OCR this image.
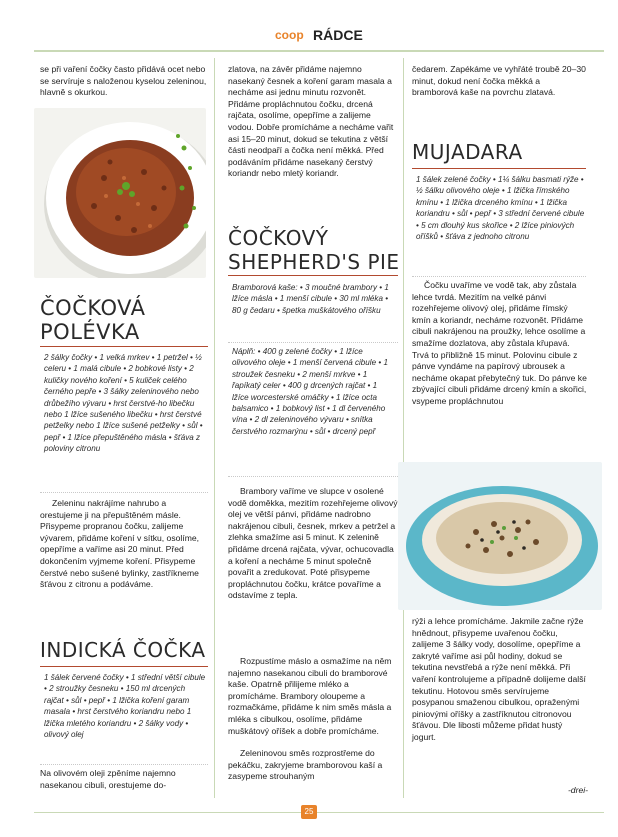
coop RÁDCE

se při vaření čočky často přidává ocet nebo se servíruje s naloženou kyselou zeleninou, hlavně s okurkou.

ČOČKOVÁ
POLÉVKA

2 šálky čočky • 1 velká mrkev • 1 petržel • ½ celeru • 1 malá cibule • 2 bobkové listy • 2 kuličky nového koření • 5 kuliček celého černého pepře • 3 šálky zeleninového nebo drůbežího vývaru • hrst čerstvé-ho libečku nebo 1 lžíce sušeného libečku • hrst čerstvé petželky nebo 1 lžíce sušené petželky • sůl • pepř • 1 lžíce přepuštěného másla • šťáva z poloviny citronu

Zeleninu nakrájíme nahrubo a orestujeme ji na přepuštěném másle. Přisypeme propranou čočku, zalijeme vývarem, přidáme koření v sítku, osolíme, opepříme a vaříme asi 20 minut. Před dokončením vyjmeme koření. Přisypeme čerstvé nebo sušené bylinky, zastříkneme šťávou z citronu a podáváme.

INDICKÁ ČOČKA

1 šálek červené čočky • 1 střední větší cibule • 2 stroužky česneku • 150 ml drcených rajčat • sůl • pepř • 1 lžička koření garam masala • hrst čerstvého koriandru nebo 1 lžička mletého koriandru • 2 šálky vody • olivový olej

Na olivovém oleji zpěníme najemno nasekanou cibuli, orestujeme do-

zlatova, na závěr přidáme najemno nasekaný česnek a koření garam masala a necháme asi jednu minutu rozvonět. Přidáme propláchnutou čočku, drcená rajčata, osolíme, opepříme a zalijeme vodou. Dobře promícháme a necháme vařit asi 15–20 minut, dokud se tekutina z větší části neodpaří a čočka není měkká. Před podáváním přidáme nasekaný čerstvý koriandr nebo mletý koriandr.

ČOČKOVÝ
SHEPHERD'S PIE

Bramborová kaše: • 3 moučné brambory • 1 lžíce másla • 1 menší cibule • 30 ml mléka • 80 g čedaru • špetka muškátového oříšku

Náplň: • 400 g zelené čočky • 1 lžíce olivového oleje • 1 menší červená cibule • 1 stroužek česneku • 2 menší mrkve • 1 řapíkatý celer • 400 g drcených rajčat • 1 lžíce worcesterské omáčky • 1 lžíce octa balsamico • 1 bobkový list • 1 dl červeného vína • 2 dl zeleninového vývaru • snítka čerstvého rozmarýnu • sůl • drcený pepř

Brambory vaříme ve slupce v osolené vodě doměkka, mezitím rozehřejeme olivový olej ve větší pánvi, přidáme nadrobno nakrájenou cibuli, česnek, mrkev a petržel a zlehka smažíme asi 5 minut. K zelenině přidáme drcená rajčata, vývar, ochucovadla a koření a necháme 5 minut společně povařit a zredukovat. Poté přisypeme propláchnutou čočku, krátce povaříme a odstavíme z tepla.

Rozpustíme máslo a osmažíme na něm najemno nasekanou cibuli do bramborové kaše. Opatrně přilijeme mléko a promícháme. Brambory oloupeme a rozmačkáme, přidáme k nim směs másla a mléka s cibulkou, osolíme, přidáme muškátový oříšek a dobře promícháme.

Zeleninovou směs rozprostřeme do pekáčku, zakryjeme bramborovou kaší a zasypeme strouhaným

čedarem. Zapékáme ve vyhřáté troubě 20–30 minut, dokud není čočka měkká a bramborová kaše na povrchu zlatavá.

MUJADARA

1 šálek zelené čočky • 1¼ šálku basmati rýže • ½ šálku olivového oleje • 1 lžička římského kmínu • 1 lžička drceného kmínu • 1 lžička koriandru • sůl • pepř • 3 střední červené cibule • 5 cm dlouhý kus skořice • 2 lžíce piniových oříšků • šťáva z jednoho citronu

Čočku uvaříme ve vodě tak, aby zůstala lehce tvrdá. Mezitím na velké pánvi rozehřejeme olivový olej, přidáme římský kmín a koriandr, necháme rozvonět. Přidáme cibuli nakrájenou na proužky, lehce osolíme a smažíme dozlatova, aby zůstala křupavá. Trvá to přibližně 15 minut. Polovinu cibule z pánve vyndáme na papírový ubrousek a necháme okapat přebytečný tuk. Do pánve ke zbývající cibuli přidáme drcený kmín a skořici, vsypeme propláchnutou

rýži a lehce promícháme. Jakmile začne rýže hnědnout, přisypeme uvařenou čočku, zalijeme 3 šálky vody, dosolíme, opepříme a zakryté vaříme asi půl hodiny, dokud se tekutina nevstřebá a rýže není měkká. Při vaření kontrolujeme a případně dolijeme další tekutinu. Hotovou směs servírujeme posypanou smaženou cibulkou, opraženými piniovými oříšky a zastříknutou citronovou šťávou. Dle libosti můžeme přidat hustý jogurt.

-drei-
25
